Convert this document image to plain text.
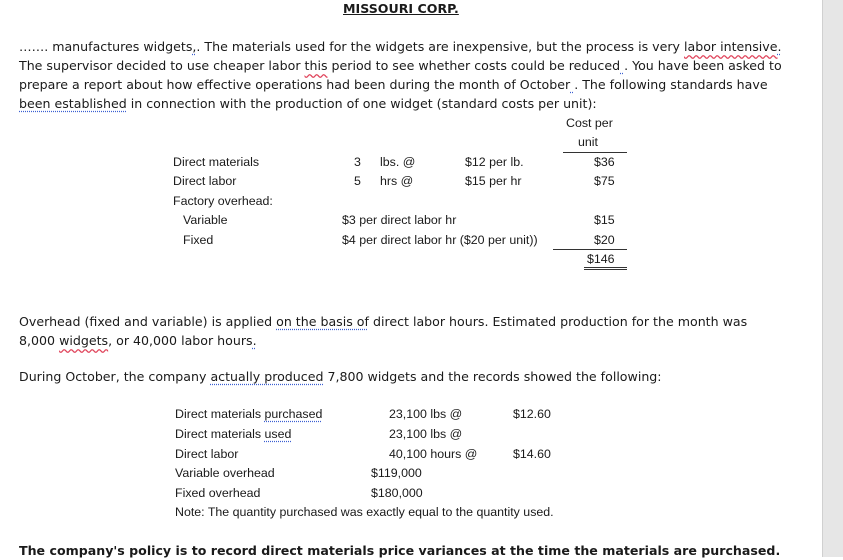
MISSOURI CORP.
……. manufactures widgets,. The materials used for the widgets are inexpensive, but the process is very labor intensive.
The supervisor decided to use cheaper labor this period to see whether costs could be reduced . You have been asked to
prepare a report about how effective operations had been during the month of October . The following standards have
been established in connection with the production of one widget (standard costs per unit):
Cost per
unit
Direct materials	3 lbs. @	$12 per lb.	$36
Direct labor	5 hrs @	$15 per hr	$75
Factory overhead:
Variable	$3 per direct labor hr	$15
Fixed	$4 per direct labor hr ($20 per unit))	$20
$146
Overhead (fixed and variable) is applied on the basis of direct labor hours. Estimated production for the month was
8,000 widgets, or 40,000 labor hours.
During October, the company actually produced 7,800 widgets and the records showed the following:
Direct materials purchased	23,100 lbs @	$12.60
Direct materials used	23,100 lbs @
Direct labor	40,100 hours @	$14.60
Variable overhead	$119,000
Fixed overhead	$180,000
Note: The quantity purchased was exactly equal to the quantity used.
The company's policy is to record direct materials price variances at the time the materials are purchased.
